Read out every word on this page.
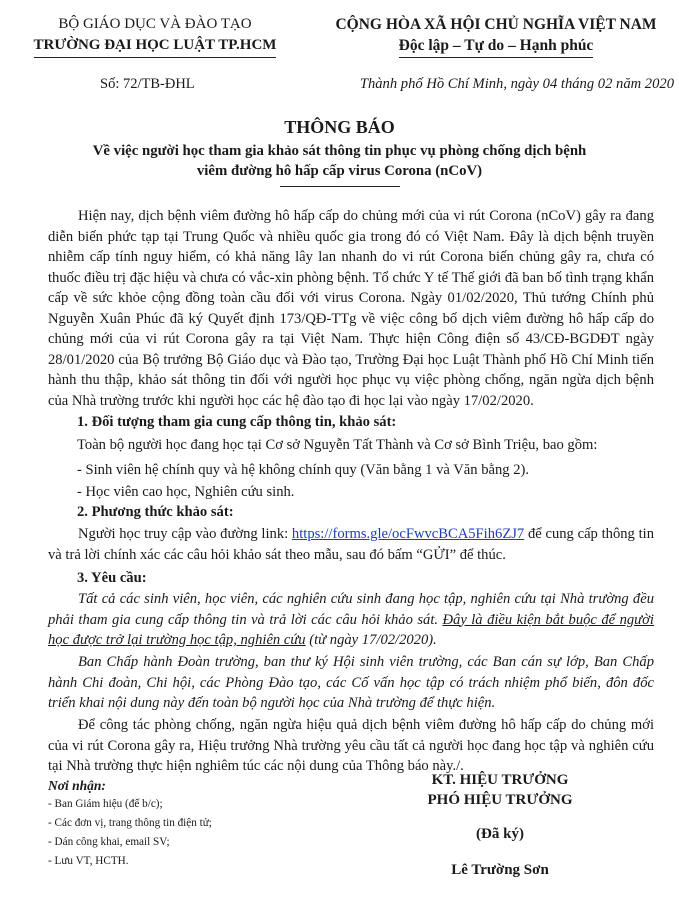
BỘ GIÁO DỤC VÀ ĐÀO TẠO
TRƯỜNG ĐẠI HỌC LUẬT TP.HCM
Số: 72/TB-ĐHL
CỘNG HÒA XÃ HỘI CHỦ NGHĨA VIỆT NAM
Độc lập – Tự do – Hạnh phúc
Thành phố Hồ Chí Minh, ngày 04 tháng 02 năm 2020
THÔNG BÁO
Về việc người học tham gia khảo sát thông tin phục vụ phòng chống dịch bệnh
viêm đường hô hấp cấp virus Corona (nCoV)
Hiện nay, dịch bệnh viêm đường hô hấp cấp do chủng mới của vi rút Corona (nCoV) gây ra đang diễn biến phức tạp tại Trung Quốc và nhiều quốc gia trong đó có Việt Nam. Đây là dịch bệnh truyền nhiễm cấp tính nguy hiểm, có khả năng lây lan nhanh do vi rút Corona biến chủng gây ra, chưa có thuốc điều trị đặc hiệu và chưa có vắc-xin phòng bệnh. Tổ chức Y tế Thế giới đã ban bố tình trạng khẩn cấp về sức khỏe cộng đồng toàn cầu đối với virus Corona. Ngày 01/02/2020, Thủ tướng Chính phủ Nguyễn Xuân Phúc đã ký Quyết định 173/QĐ-TTg về việc công bố dịch viêm đường hô hấp cấp do chủng mới của vi rút Corona gây ra tại Việt Nam. Thực hiện Công điện số 43/CĐ-BGDĐT ngày 28/01/2020 của Bộ trưởng Bộ Giáo dục và Đào tạo, Trường Đại học Luật Thành phố Hồ Chí Minh tiến hành thu thập, khảo sát thông tin đối với người học phục vụ việc phòng chống, ngăn ngừa dịch bệnh của Nhà trường trước khi người học các hệ đào tạo đi học lại vào ngày 17/02/2020.
1. Đối tượng tham gia cung cấp thông tin, khảo sát:
Toàn bộ người học đang học tại Cơ sở Nguyễn Tất Thành và Cơ sở Bình Triệu, bao gồm:
- Sinh viên hệ chính quy và hệ không chính quy (Văn bằng 1 và Văn bằng 2).
- Học viên cao học, Nghiên cứu sinh.
2. Phương thức khảo sát:
Người học truy cập vào đường link: https://forms.gle/ocFwvcBCA5Fih6ZJ7 để cung cấp thông tin và trả lời chính xác các câu hỏi khảo sát theo mẫu, sau đó bấm “GỬI” để thúc.
3. Yêu cầu:
Tất cả các sinh viên, học viên, các nghiên cứu sinh đang học tập, nghiên cứu tại Nhà trường đều phải tham gia cung cấp thông tin và trả lời các câu hỏi khảo sát. Đây là điều kiện bắt buộc để người học được trở lại trường học tập, nghiên cứu (từ ngày 17/02/2020).
Ban Chấp hành Đoàn trường, ban thư ký Hội sinh viên trường, các Ban cán sự lớp, Ban Chấp hành Chi đoàn, Chi hội, các Phòng Đào tạo, các Cố vấn học tập có trách nhiệm phổ biến, đôn đốc triển khai nội dung này đến toàn bộ người học của Nhà trường để thực hiện.
Để công tác phòng chống, ngăn ngừa hiệu quả dịch bệnh viêm đường hô hấp cấp do chủng mới của vi rút Corona gây ra, Hiệu trưởng Nhà trường yêu cầu tất cả người học đang học tập và nghiên cứu tại Nhà trường thực hiện nghiêm túc các nội dung của Thông báo này./.
Nơi nhận:
- Ban Giám hiệu (để b/c);
- Các đơn vị, trang thông tin điện tử;
- Dán công khai, email SV;
- Lưu VT, HCTH.
KT. HIỆU TRƯỞNG
PHÓ HIỆU TRƯỞNG
(Đã ký)
Lê Trường Sơn
